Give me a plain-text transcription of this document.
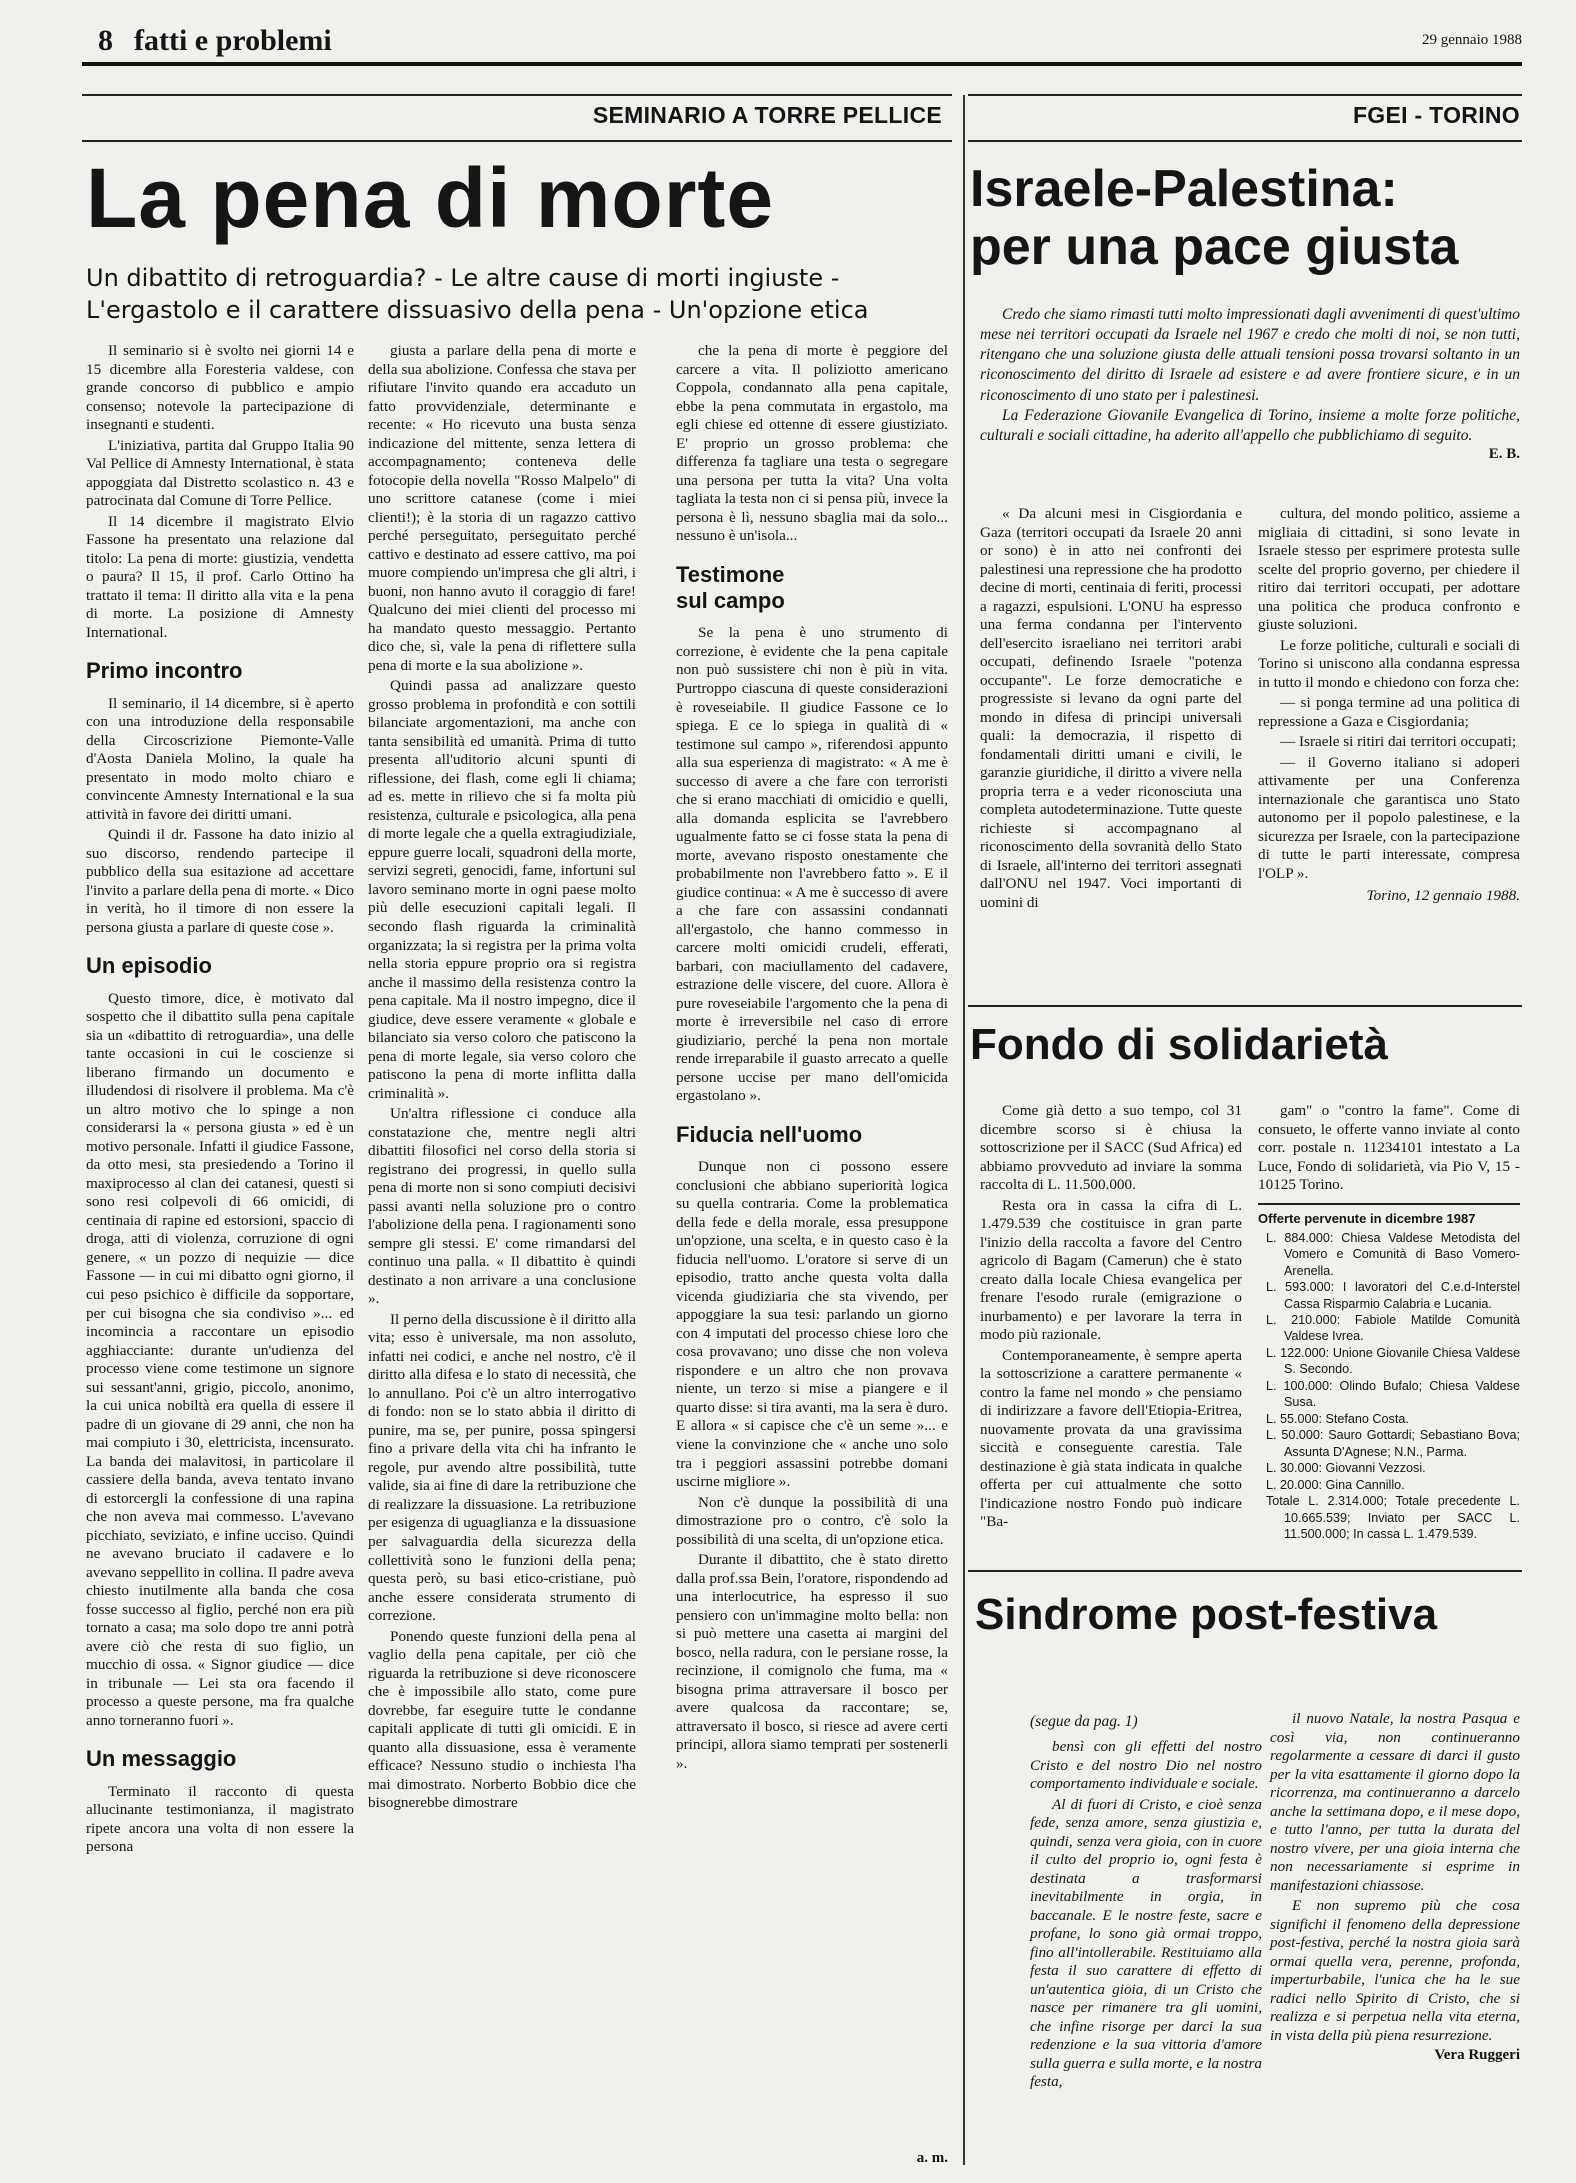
8 fatti e problemi	29 gennaio 1988
SEMINARIO A TORRE PELLICE
La pena di morte
Un dibattito di retroguardia? - Le altre cause di morti ingiuste -
L'ergastolo e il carattere dissuasivo della pena - Un'opzione etica

Il seminario si è svolto nei giorni 14 e 15 dicembre alla Foresteria valdese, con grande concorso di pubblico e ampio consenso; notevole la partecipazione di insegnanti e studenti.

L'iniziativa, partita dal Gruppo Italia 90 Val Pellice di Amnesty International, è stata appoggiata dal Distretto scolastico n. 43 e patrocinata dal Comune di Torre Pellice.

Il 14 dicembre il magistrato Elvio Fassone ha presentato una relazione dal titolo: La pena di morte: giustizia, vendetta o paura? Il 15, il prof. Carlo Ottino ha trattato il tema: Il diritto alla vita e la pena di morte. La posizione di Amnesty International.

Primo incontro

Il seminario, il 14 dicembre, si è aperto con una introduzione della responsabile della Circoscrizione Piemonte-Valle d'Aosta Daniela Molino, la quale ha presentato in modo molto chiaro e convincente Amnesty International e la sua attività in favore dei diritti umani.

Quindi il dr. Fassone ha dato inizio al suo discorso, rendendo partecipe il pubblico della sua esitazione ad accettare l'invito a parlare della pena di morte. « Dico in verità, ho il timore di non essere la persona giusta a parlare di queste cose ».

Un episodio

Questo timore, dice, è motivato dal sospetto che il dibattito sulla pena capitale sia un «dibattito di retroguardia», una delle tante occasioni in cui le coscienze si liberano firmando un documento e illudendosi di risolvere il problema. Ma c'è un altro motivo che lo spinge a non considerarsi la « persona giusta » ed è un motivo personale. Infatti il giudice Fassone, da otto mesi, sta presiedendo a Torino il maxiprocesso al clan dei catanesi, questi si sono resi colpevoli di 66 omicidi, di centinaia di rapine ed estorsioni, spaccio di droga, atti di violenza, corruzione di ogni genere, « un pozzo di nequizie — dice Fassone — in cui mi dibatto ogni giorno, il cui peso psichico è difficile da sopportare, per cui bisogna che sia condiviso »... ed incomincia a raccontare un episodio agghiacciante: durante un'udienza del processo viene come testimone un signore sui sessant'anni, grigio, piccolo, anonimo, la cui unica nobiltà era quella di essere il padre di un giovane di 29 anni, che non ha mai compiuto i 30, elettricista, incensurato. La banda dei malavitosi, in particolare il cassiere della banda, aveva tentato invano di estorcergli la confessione di una rapina che non aveva mai commesso. L'avevano picchiato, seviziato, e infine ucciso. Quindi ne avevano bruciato il cadavere e lo avevano seppellito in collina. Il padre aveva chiesto inutilmente alla banda che cosa fosse successo al figlio, perché non era più tornato a casa; ma solo dopo tre anni potrà avere ciò che resta di suo figlio, un mucchio di ossa. « Signor giudice — dice in tribunale — Lei sta ora facendo il processo a queste persone, ma fra qualche anno torneranno fuori ».

Un messaggio

Terminato il racconto di questa allucinante testimonianza, il magistrato ripete ancora una volta di non essere la persona

giusta a parlare della pena di morte e della sua abolizione. Confessa che stava per rifiutare l'invito quando era accaduto un fatto provvidenziale, determinante e recente: « Ho ricevuto una busta senza indicazione del mittente, senza lettera di accompagnamento; conteneva delle fotocopie della novella "Rosso Malpelo" di uno scrittore catanese (come i miei clienti!); è la storia di un ragazzo cattivo perché perseguitato, perseguitato perché cattivo e destinato ad essere cattivo, ma poi muore compiendo un'impresa che gli altri, i buoni, non hanno avuto il coraggio di fare! Qualcuno dei miei clienti del processo mi ha mandato questo messaggio. Pertanto dico che, sì, vale la pena di riflettere sulla pena di morte e la sua abolizione ».

Quindi passa ad analizzare questo grosso problema in profondità e con sottili bilanciate argomentazioni, ma anche con tanta sensibilità ed umanità. Prima di tutto presenta all'uditorio alcuni spunti di riflessione, dei flash, come egli li chiama; ad es. mette in rilievo che si fa molta più resistenza, culturale e psicologica, alla pena di morte legale che a quella extragiudiziale, eppure guerre locali, squadroni della morte, servizi segreti, genocidi, fame, infortuni sul lavoro seminano morte in ogni paese molto più delle esecuzioni capitali legali. Il secondo flash riguarda la criminalità organizzata; la si registra per la prima volta nella storia eppure proprio ora si registra anche il massimo della resistenza contro la pena capitale. Ma il nostro impegno, dice il giudice, deve essere veramente « globale e bilanciato sia verso coloro che patiscono la pena di morte legale, sia verso coloro che patiscono la pena di morte inflitta dalla criminalità ».

Un'altra riflessione ci conduce alla constatazione che, mentre negli altri dibattiti filosofici nel corso della storia si registrano dei progressi, in quello sulla pena di morte non si sono compiuti decisivi passi avanti nella soluzione pro o contro l'abolizione della pena. I ragionamenti sono sempre gli stessi. E' come rimandarsi del continuo una palla. « Il dibattito è quindi destinato a non arrivare a una conclusione ».

Il perno della discussione è il diritto alla vita; esso è universale, ma non assoluto, infatti nei codici, e anche nel nostro, c'è il diritto alla difesa e lo stato di necessità, che lo annullano. Poi c'è un altro interrogativo di fondo: non se lo stato abbia il diritto di punire, ma se, per punire, possa spingersi fino a privare della vita chi ha infranto le regole, pur avendo altre possibilità, tutte valide, sia ai fine di dare la retribuzione che di realizzare la dissuasione. La retribuzione per esigenza di uguaglianza e la dissuasione per salvaguardia della sicurezza della collettività sono le funzioni della pena; questa però, su basi etico-cristiane, può anche essere considerata strumento di correzione.

Ponendo queste funzioni della pena al vaglio della pena capitale, per ciò che riguarda la retribuzione si deve riconoscere che è impossibile allo stato, come pure dovrebbe, far eseguire tutte le condanne capitali applicate di tutti gli omicidi. E in quanto alla dissuasione, essa è veramente efficace? Nessuno studio o inchiesta l'ha mai dimostrato. Norberto Bobbio dice che bisognerebbe dimostrare

che la pena di morte è peggiore del carcere a vita. Il poliziotto americano Coppola, condannato alla pena capitale, ebbe la pena commutata in ergastolo, ma egli chiese ed ottenne di essere giustiziato. E' proprio un grosso problema: che differenza fa tagliare una testa o segregare una persona per tutta la vita? Una volta tagliata la testa non ci si pensa più, invece la persona è lì, nessuno sbaglia mai da solo... nessuno è un'isola...

Testimone sul campo

Se la pena è uno strumento di correzione, è evidente che la pena capitale non può sussistere chi non è più in vita. Purtroppo ciascuna di queste considerazioni è roveseiabile. Il giudice Fassone ce lo spiega. E ce lo spiega in qualità di « testimone sul campo », riferendosi appunto alla sua esperienza di magistrato: « A me è successo di avere a che fare con terroristi che si erano macchiati di omicidio e quelli, alla domanda esplicita se l'avrebbero ugualmente fatto se ci fosse stata la pena di morte, avevano risposto onestamente che probabilmente non l'avrebbero fatto ». E il giudice continua: « A me è successo di avere a che fare con assassini condannati all'ergastolo, che hanno commesso in carcere molti omicidi crudeli, efferati, barbari, con maciullamento del cadavere, estrazione delle viscere, del cuore. Allora è pure roveseiabile l'argomento che la pena di morte è irreversibile nel caso di errore giudiziario, perché la pena non mortale rende irreparabile il guasto arrecato a quelle persone uccise per mano dell'omicida ergastolano ».

Fiducia nell'uomo

Dunque non ci possono essere conclusioni che abbiano superiorità logica su quella contraria. Come la problematica della fede e della morale, essa presuppone un'opzione, una scelta, e in questo caso è la fiducia nell'uomo. L'oratore si serve di un episodio, tratto anche questa volta dalla vicenda giudiziaria che sta vivendo, per appoggiare la sua tesi: parlando un giorno con 4 imputati del processo chiese loro che cosa provavano; uno disse che non voleva rispondere e un altro che non provava niente, un terzo si mise a piangere e il quarto disse: si tira avanti, ma la sera è duro. E allora « si capisce che c'è un seme »... e viene la convinzione che « anche uno solo tra i peggiori assassini potrebbe domani uscirne migliore ».

Non c'è dunque la possibilità di una dimostrazione pro o contro, c'è solo la possibilità di una scelta, di un'opzione etica.

Durante il dibattito, che è stato diretto dalla prof.ssa Bein, l'oratore, rispondendo ad una interlocutrice, ha espresso il suo pensiero con un'immagine molto bella: non si può mettere una casetta ai margini del bosco, nella radura, con le persiane rosse, la recinzione, il comignolo che fuma, ma « bisogna prima attraversare il bosco per avere qualcosa da raccontare; se, attraversato il bosco, si riesce ad avere certi principi, allora siamo temprati per sostenerli ».

a. m.
FGEI - TORINO
Israele-Palestina:
per una pace giusta

Credo che siamo rimasti tutti molto impressionati dagli avvenimenti di quest'ultimo mese nei territori occupati da Israele nel 1967 e credo che molti di noi, se non tutti, ritengano che una soluzione giusta delle attuali tensioni possa trovarsi soltanto in un riconoscimento del diritto di Israele ad esistere e ad avere frontiere sicure, e in un riconoscimento di uno stato per i palestinesi.

La Federazione Giovanile Evangelica di Torino, insieme a molte forze politiche, culturali e sociali cittadine, ha aderito all'appello che pubblichiamo di seguito.

E. B.

« Da alcuni mesi in Cisgiordania e Gaza (territori occupati da Israele 20 anni or sono) è in atto nei confronti dei palestinesi una repressione che ha prodotto decine di morti, centinaia di feriti, processi a ragazzi, espulsioni. L'ONU ha espresso una ferma condanna per l'intervento dell'esercito israeliano nei territori arabi occupati, definendo Israele "potenza occupante". Le forze democratiche e progressiste si levano da ogni parte del mondo in difesa di principi universali quali: la democrazia, il rispetto di fondamentali diritti umani e civili, le garanzie giuridiche, il diritto a vivere nella propria terra e a veder riconosciuta una completa autodeterminazione. Tutte queste richieste si accompagnano al riconoscimento della sovranità dello Stato di Israele, all'interno dei territori assegnati dall'ONU nel 1947. Voci importanti di uomini di

cultura, del mondo politico, assieme a migliaia di cittadini, si sono levate in Israele stesso per esprimere protesta sulle scelte del proprio governo, per chiedere il ritiro dai territori occupati, per adottare una politica che produca confronto e giuste soluzioni.

Le forze politiche, culturali e sociali di Torino si uniscono alla condanna espressa in tutto il mondo e chiedono con forza che:

— si ponga termine ad una politica di repressione a Gaza e Cisgiordania;

— Israele si ritiri dai territori occupati;

— il Governo italiano si adoperi attivamente per una Conferenza internazionale che garantisca uno Stato autonomo per il popolo palestinese, e la sicurezza per Israele, con la partecipazione di tutte le parti interessate, compresa l'OLP ».

Torino, 12 gennaio 1988.
Fondo di solidarietà

Come già detto a suo tempo, col 31 dicembre scorso si è chiusa la sottoscrizione per il SACC (Sud Africa) ed abbiamo provveduto ad inviare la somma raccolta di L. 11.500.000.

Resta ora in cassa la cifra di L. 1.479.539 che costituisce in gran parte l'inizio della raccolta a favore del Centro agricolo di Bagam (Camerun) che è stato creato dalla locale Chiesa evangelica per frenare l'esodo rurale (emigrazione o inurbamento) e per lavorare la terra in modo più razionale.

Contemporaneamente, è sempre aperta la sottoscrizione a carattere permanente « contro la fame nel mondo » che pensiamo di indirizzare a favore dell'Etiopia-Eritrea, nuovamente provata da una gravissima siccità e conseguente carestia. Tale destinazione è già stata indicata in qualche offerta per cui attualmente che sotto l'indicazione nostro Fondo può indicare "Ba-

gam" o "contro la fame". Come di consueto, le offerte vanno inviate al conto corr. postale n. 11234101 intestato a La Luce, Fondo di solidarietà, via Pio V, 15 - 10125 Torino.

Offerte pervenute in dicembre 1987

L. 884.000: Chiesa Valdese Metodista del Vomero e Comunità di Baso Vomero-Arenella.

L. 593.000: I lavoratori del C.e.d-Interstel Cassa Risparmio Calabria e Lucania.

L. 210.000: Fabiole Matilde Comunità Valdese Ivrea.

L. 122.000: Unione Giovanile Chiesa Valdese S. Secondo.

L. 100.000: Olindo Bufalo; Chiesa Valdese Susa.

L. 55.000: Stefano Costa.

L. 50.000: Sauro Gottardi; Sebastiano Bova; Assunta D'Agnese; N.N., Parma.

L. 30.000: Giovanni Vezzosi.

L. 20.000: Gina Cannillo.

Totale L. 2.314.000; Totale precedente L. 10.665.539; Inviato per SACC L. 11.500.000; In cassa L. 1.479.539.

Sindrome post-festiva
(segue da pag. 1)

bensì con gli effetti del nostro Cristo e del nostro Dio nel nostro comportamento individuale e sociale.

Al di fuori di Cristo, e cioè senza fede, senza amore, senza giustizia e, quindi, senza vera gioia, con in cuore il culto del proprio io, ogni festa è destinata a trasformarsi inevitabilmente in orgia, in baccanale. E le nostre feste, sacre e profane, lo sono già ormai troppo, fino all'intollerabile. Restituiamo alla festa il suo carattere di effetto di un'autentica gioia, di un Cristo che nasce per rimanere tra gli uomini, che infine risorge per darci la sua redenzione e la sua vittoria d'amore sulla guerra e sulla morte, e la nostra festa,

il nuovo Natale, la nostra Pasqua e così via, non continueranno regolarmente a cessare di darci il gusto per la vita esattamente il giorno dopo la ricorrenza, ma continueranno a darcelo anche la settimana dopo, e il mese dopo, e tutto l'anno, per tutta la durata del nostro vivere, per una gioia interna che non necessariamente si esprime in manifestazioni chiassose.

E non supremo più che cosa significhi il fenomeno della depressione post-festiva, perché la nostra gioia sarà ormai quella vera, perenne, profonda, imperturbabile, l'unica che ha le sue radici nello Spirito di Cristo, che si realizza e si perpetua nella vita eterna, in vista della più piena resurrezione.

Vera Ruggeri
